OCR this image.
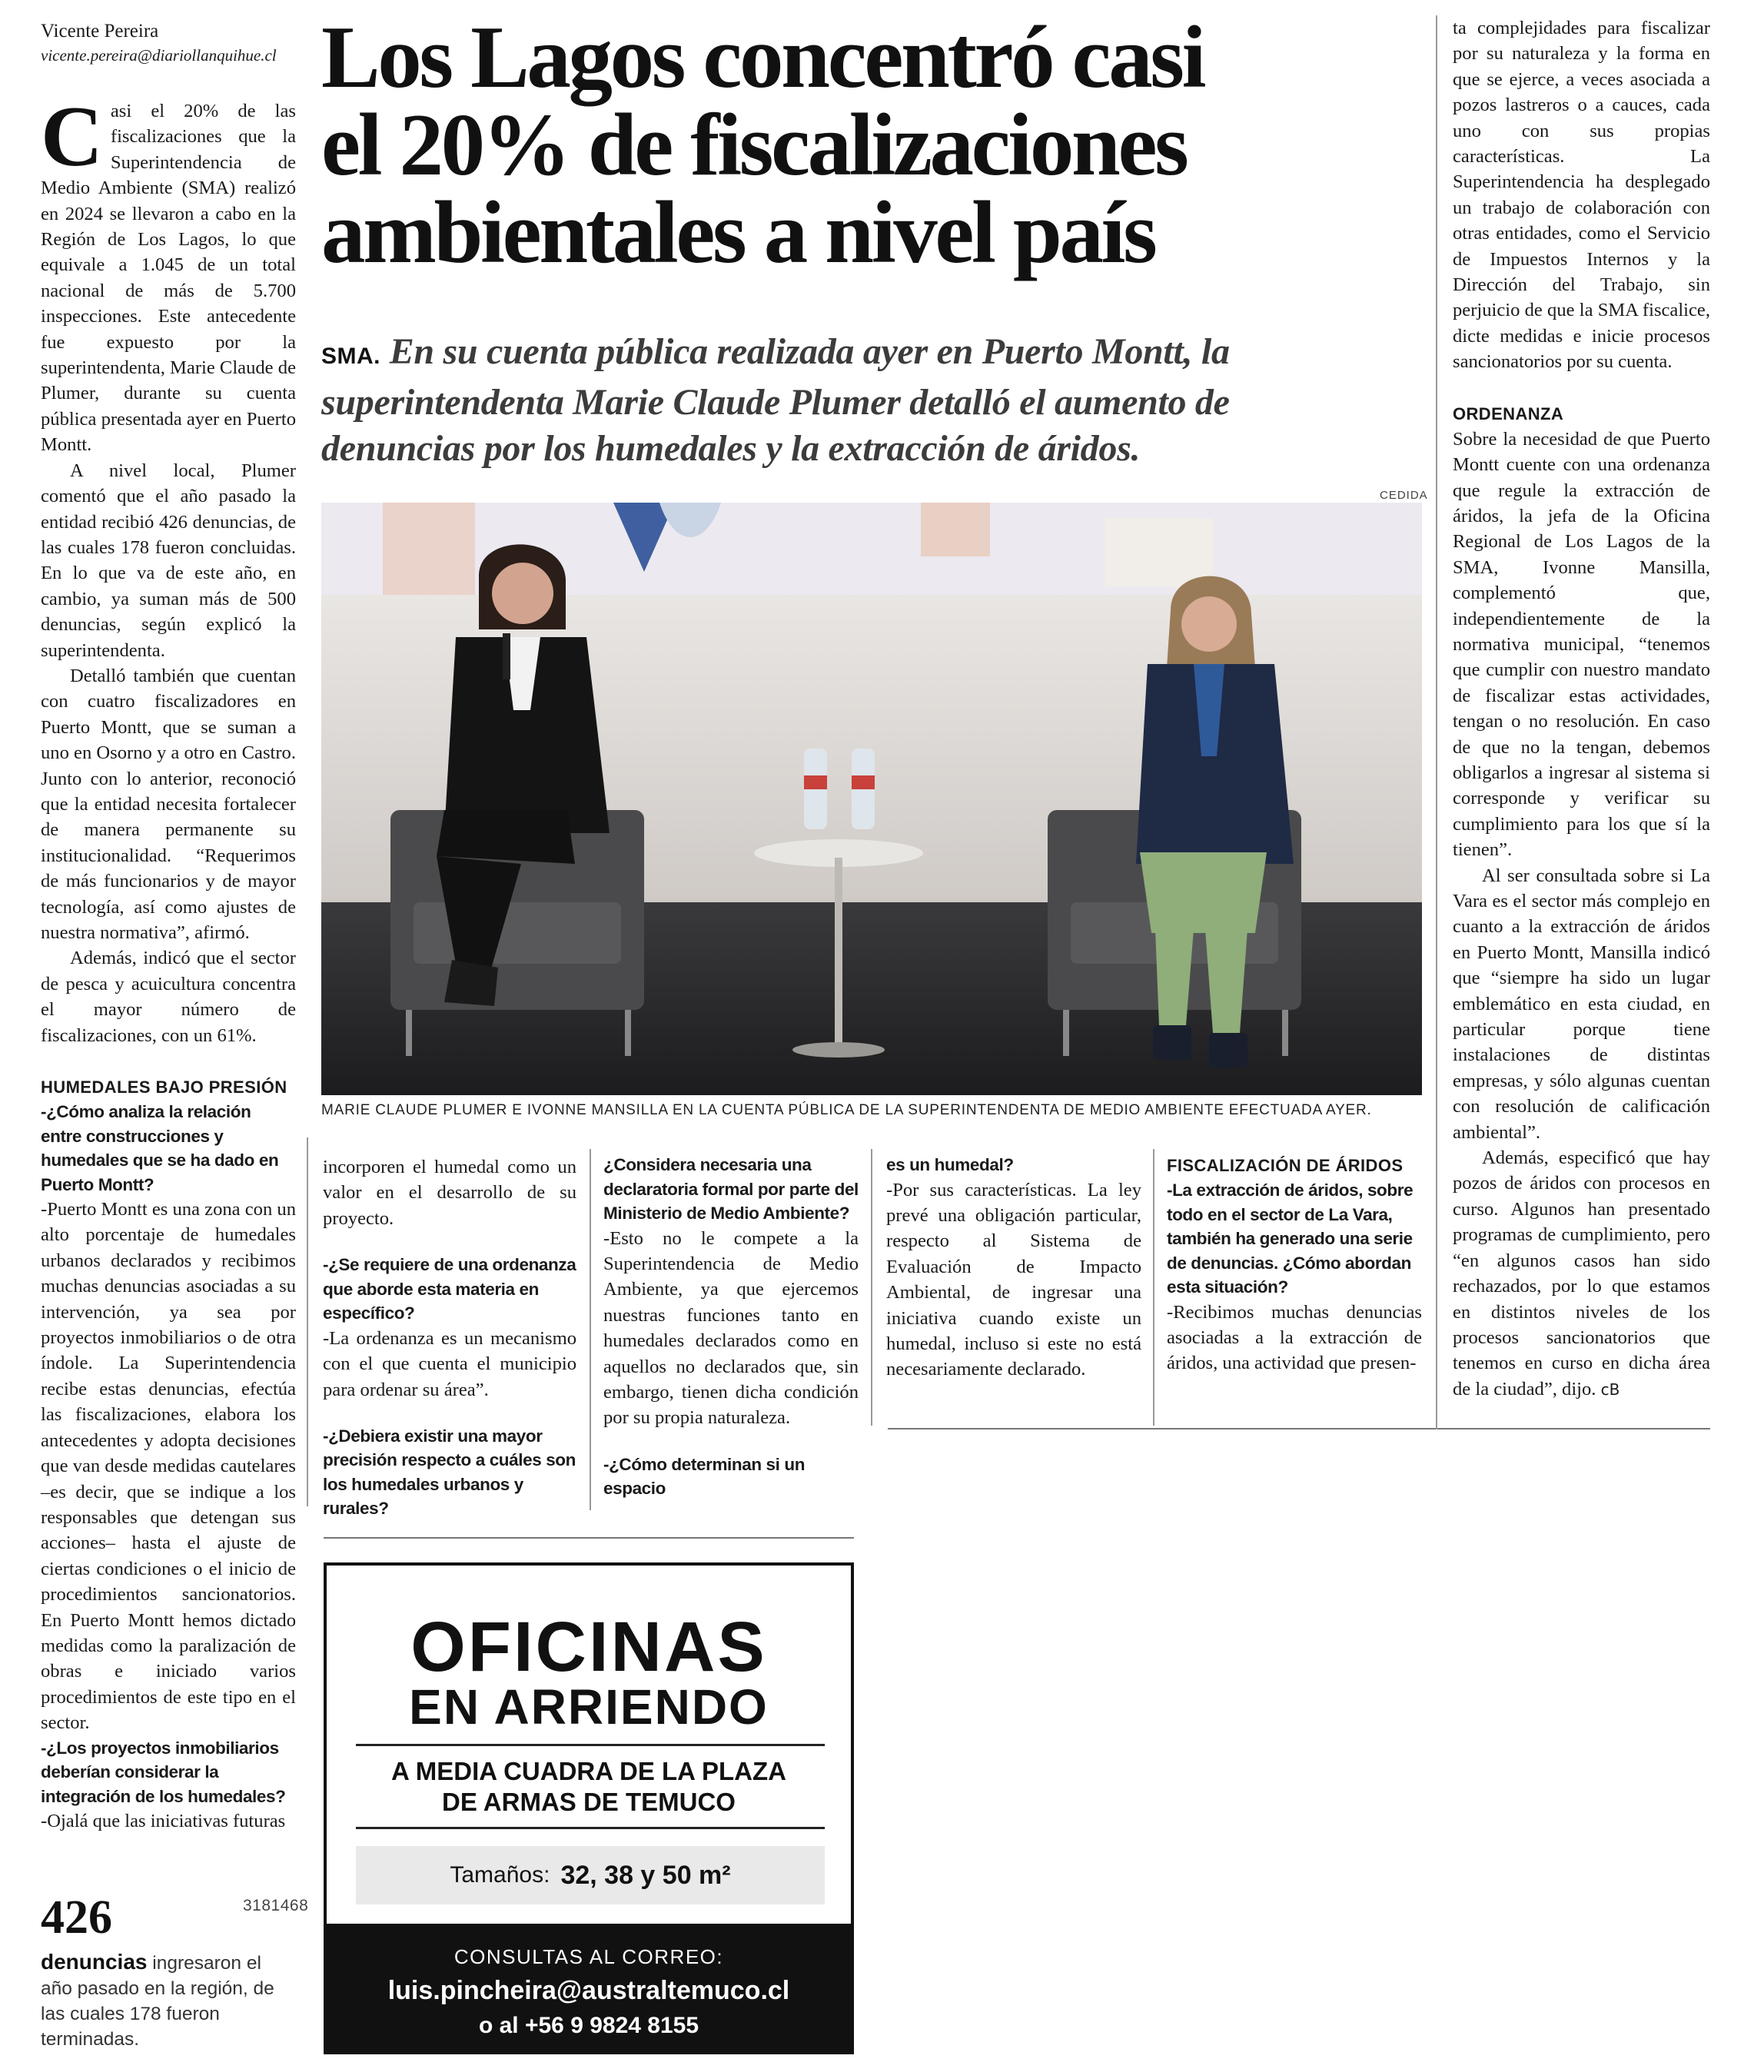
Vicente Pereira
vicente.pereira@diariollanquihue.cl Los Lagos concentró casi
el 20% de fiscalizaciones
ambientales a nivel país
SMA. En su cuenta pública realizada ayer en Puerto Montt, la superintendenta Marie Claude Plumer detalló el aumento de denuncias por los humedales y la extracción de áridos.
CEDIDA
MARIE CLAUDE PLUMER E IVONNE MANSILLA EN LA CUENTA PÚBLICA DE LA SUPERINTENDENTA DE MEDIO AMBIENTE EFECTUADA AYER.

Casi el 20% de las fiscalizaciones que la Superintendencia de Medio Ambiente (SMA) realizó en 2024 se llevaron a cabo en la Región de Los Lagos, lo que equivale a 1.045 de un total nacional de más de 5.700 inspecciones. Este antecedente fue expuesto por la superintendenta, Marie Claude de Plumer, durante su cuenta pública presentada ayer en Puerto Montt.

A nivel local, Plumer comentó que el año pasado la entidad recibió 426 denuncias, de las cuales 178 fueron concluidas. En lo que va de este año, en cambio, ya suman más de 500 denuncias, según explicó la superintendenta.

Detalló también que cuentan con cuatro fiscalizadores en Puerto Montt, que se suman a uno en Osorno y a otro en Castro. Junto con lo anterior, reconoció que la entidad necesita fortalecer de manera permanente su institucionalidad. “Requerimos de más funcionarios y de mayor tecnología, así como ajustes de nuestra normativa”, afirmó.

Además, indicó que el sector de pesca y acuicultura concentra el mayor número de fiscalizaciones, con un 61%.

HUMEDALES BAJO PRESIÓN

-¿Cómo analiza la relación entre construcciones y humedales que se ha dado en Puerto Montt?

-Puerto Montt es una zona con un alto porcentaje de humedales urbanos declarados y recibimos muchas denuncias asociadas a su intervención, ya sea por proyectos inmobiliarios o de otra índole. La Superintendencia recibe estas denuncias, efectúa las fiscalizaciones, elabora los antecedentes y adopta decisiones que van desde medidas cautelares –es decir, que se indique a los responsables que detengan sus acciones– hasta el ajuste de ciertas condiciones o el inicio de procedimientos sancionatorios. En Puerto Montt hemos dictado medidas como la paralización de obras e iniciado varios procedimientos de este tipo en el sector.

-¿Los proyectos inmobiliarios deberían considerar la integración de los humedales?

-Ojalá que las iniciativas futuras

incorporen el humedal como un valor en el desarrollo de su proyecto.

-¿Se requiere de una ordenanza que aborde esta materia en específico?

-La ordenanza es un mecanismo con el que cuenta el municipio para ordenar su área”.

-¿Debiera existir una mayor precisión respecto a cuáles son los humedales urbanos y rurales?

¿Considera necesaria una declaratoria formal por parte del Ministerio de Medio Ambiente?

-Esto no le compete a la Superintendencia de Medio Ambiente, ya que ejercemos nuestras funciones tanto en humedales declarados como en aquellos no declarados que, sin embargo, tienen dicha condición por su propia naturaleza.

-¿Cómo determinan si un espacio

es un humedal?

-Por sus características. La ley prevé una obligación particular, respecto al Sistema de Evaluación de Impacto Ambiental, de ingresar una iniciativa cuando existe un humedal, incluso si este no está necesariamente declarado.

FISCALIZACIÓN DE ÁRIDOS

-La extracción de áridos, sobre todo en el sector de La Vara, también ha generado una serie de denuncias. ¿Cómo abordan esta situación?

-Recibimos muchas denuncias asociadas a la extracción de áridos, una actividad que presen-

ta complejidades para fiscalizar por su naturaleza y la forma en que se ejerce, a veces asociada a pozos lastreros o a cauces, cada uno con sus propias características. La Superintendencia ha desplegado un trabajo de colaboración con otras entidades, como el Servicio de Impuestos Internos y la Dirección del Trabajo, sin perjuicio de que la SMA fiscalice, dicte medidas e inicie procesos sancionatorios por su cuenta.

ORDENANZA

Sobre la necesidad de que Puerto Montt cuente con una ordenanza que regule la extracción de áridos, la jefa de la Oficina Regional de Los Lagos de la SMA, Ivonne Mansilla, complementó que, independientemente de la normativa municipal, “tenemos que cumplir con nuestro mandato de fiscalizar estas actividades, tengan o no resolución. En caso de que no la tengan, debemos obligarlos a ingresar al sistema si corresponde y verificar su cumplimiento para los que sí la tienen”.

Al ser consultada sobre si La Vara es el sector más complejo en cuanto a la extracción de áridos en Puerto Montt, Mansilla indicó que “siempre ha sido un lugar emblemático en esta ciudad, en particular porque tiene instalaciones de distintas empresas, y sólo algunas cuentan con resolución de calificación ambiental”.

Además, especificó que hay pozos de áridos con procesos en curso. Algunos han presentado programas de cumplimiento, pero “en algunos casos han sido rechazados, por lo que estamos en distintos niveles de los procesos sancionatorios que tenemos en curso en dicha área de la ciudad”, dijo. cB

OFICINAS
EN ARRIENDO
A MEDIA CUADRA DE LA PLAZA
DE ARMAS DE TEMUCO
Tamaños: 32, 38 y 50 m²
CONSULTAS AL CORREO:
luis.pincheira@australtemuco.cl
o al +56 9 9824 8155
3181468
426
denuncias ingresaron el año pasado en la región, de las cuales 178 fueron terminadas.
